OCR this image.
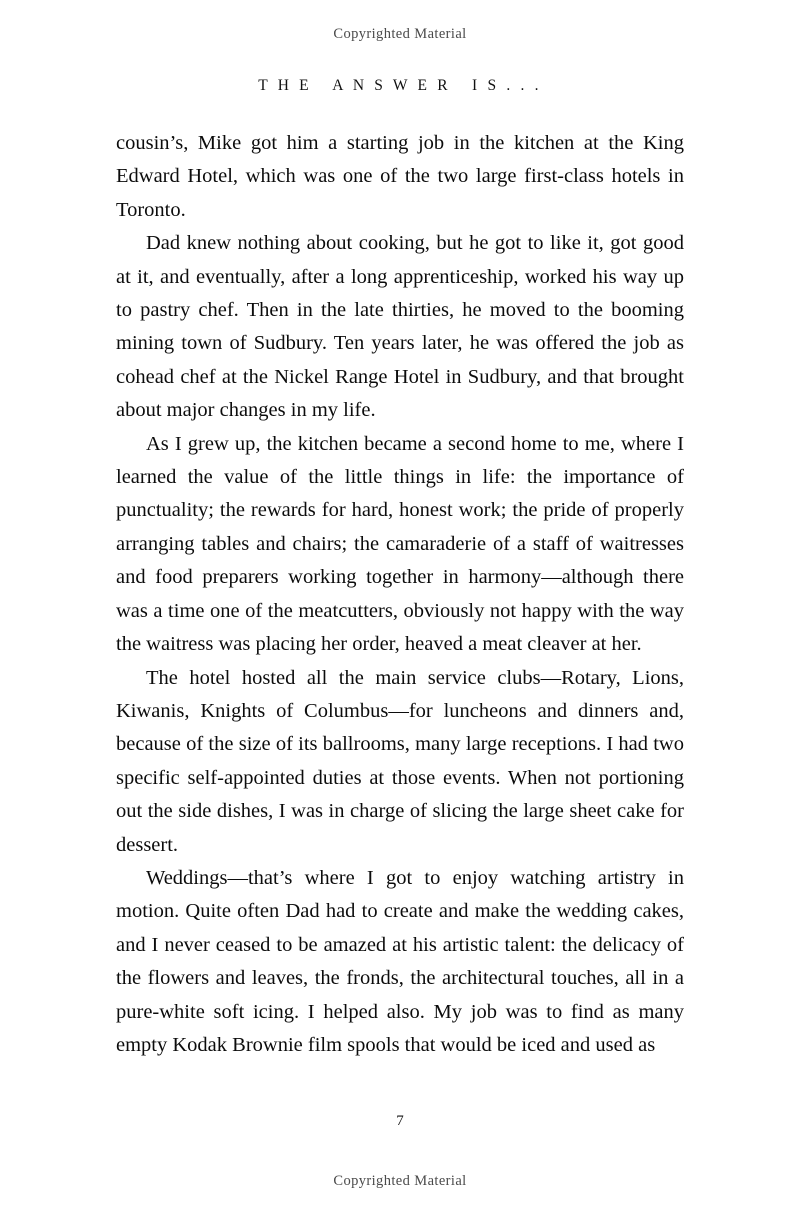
Copyrighted Material
T H E   A N S W E R   I S . . .

cousin’s, Mike got him a starting job in the kitchen at the King Edward Hotel, which was one of the two large first-class hotels in Toronto.

Dad knew nothing about cooking, but he got to like it, got good at it, and eventually, after a long apprenticeship, worked his way up to pastry chef. Then in the late thirties, he moved to the booming mining town of Sudbury. Ten years later, he was offered the job as cohead chef at the Nickel Range Hotel in Sudbury, and that brought about major changes in my life.

As I grew up, the kitchen became a second home to me, where I learned the value of the little things in life: the importance of punctuality; the rewards for hard, honest work; the pride of properly arranging tables and chairs; the camaraderie of a staff of waitresses and food preparers working together in harmony—although there was a time one of the meatcutters, obviously not happy with the way the waitress was placing her order, heaved a meat cleaver at her.

The hotel hosted all the main service clubs—Rotary, Lions, Kiwanis, Knights of Columbus—for luncheons and dinners and, because of the size of its ballrooms, many large receptions. I had two specific self-appointed duties at those events. When not portioning out the side dishes, I was in charge of slicing the large sheet cake for dessert.

Weddings—that’s where I got to enjoy watching artistry in motion. Quite often Dad had to create and make the wedding cakes, and I never ceased to be amazed at his artistic talent: the delicacy of the flowers and leaves, the fronds, the architectural touches, all in a pure-white soft icing. I helped also. My job was to find as many empty Kodak Brownie film spools that would be iced and used as

7
Copyrighted Material
